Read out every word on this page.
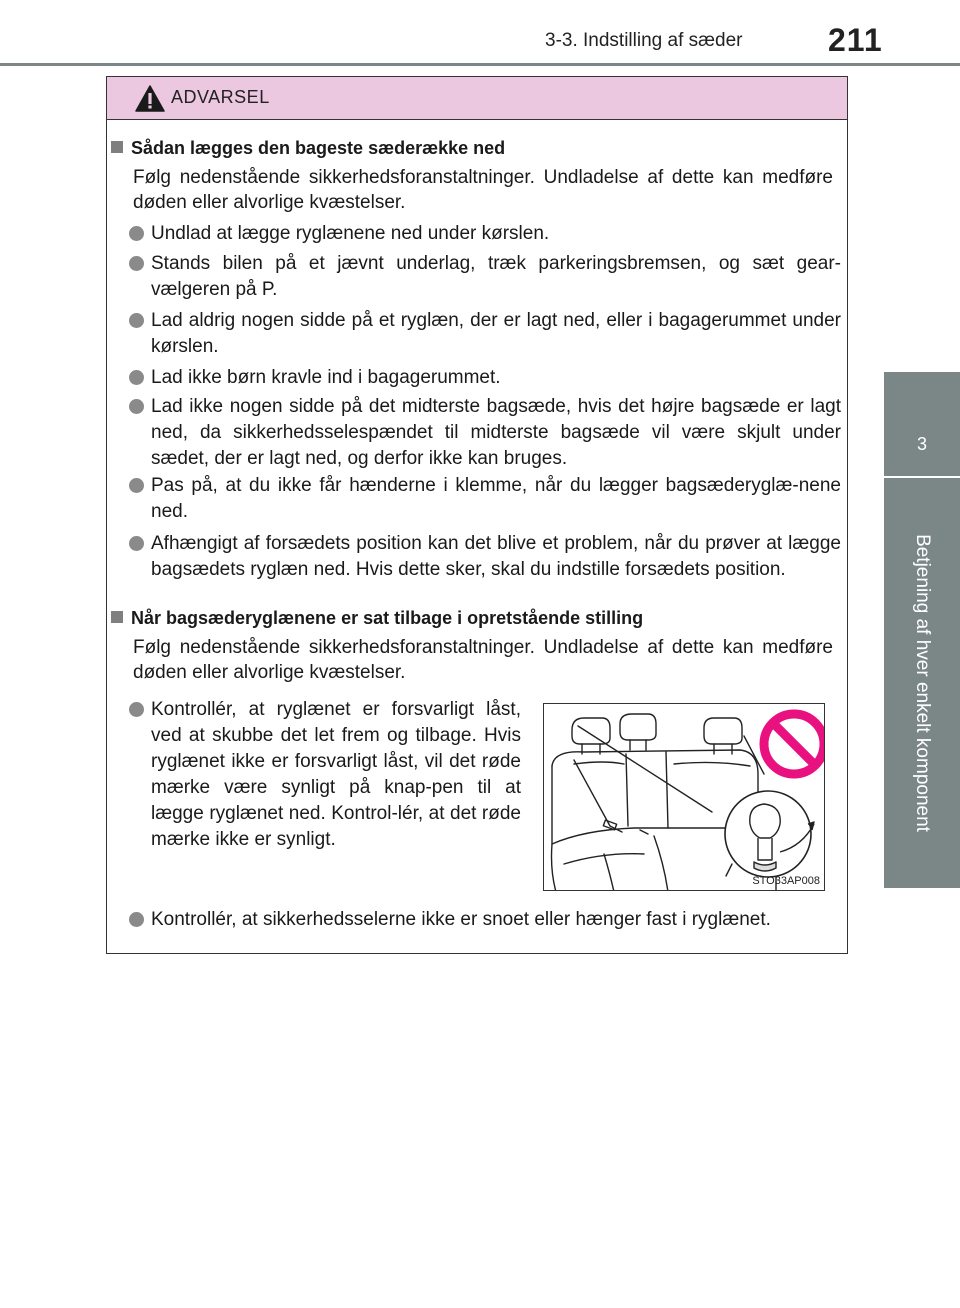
3-3. Indstilling af sæder	211
3
Betjening af hver enkelt komponent
ADVARSEL
Sådan lægges den bageste sæderække ned
Følg nedenstående sikkerhedsforanstaltninger. Undladelse af dette kan medføre døden eller alvorlige kvæstelser.
Undlad at lægge ryglænene ned under kørslen.
Stands bilen på et jævnt underlag, træk parkeringsbremsen, og sæt gear-vælgeren på P.
Lad aldrig nogen sidde på et ryglæn, der er lagt ned, eller i bagagerummet under kørslen.
Lad ikke børn kravle ind i bagagerummet.
Lad ikke nogen sidde på det midterste bagsæde, hvis det højre bagsæde er lagt ned, da sikkerhedsselespændet til midterste bagsæde vil være skjult under sædet, der er lagt ned, og derfor ikke kan bruges.
Pas på, at du ikke får hænderne i klemme, når du lægger bagsæderyglæ-nene ned.
Afhængigt af forsædets position kan det blive et problem, når du prøver at lægge bagsædets ryglæn ned. Hvis dette sker, skal du indstille forsædets position.
Når bagsæderyglænene er sat tilbage i opretstående stilling
Følg nedenstående sikkerhedsforanstaltninger. Undladelse af dette kan medføre døden eller alvorlige kvæstelser.
Kontrollér, at ryglænet er forsvarligt låst, ved at skubbe det let frem og tilbage. Hvis ryglænet ikke er forsvarligt låst, vil det røde mærke være synligt på knap-pen til at lægge ryglænet ned. Kontrol-lér, at det røde mærke ikke er synligt.
STO33AP008
Kontrollér, at sikkerhedsselerne ikke er snoet eller hænger fast i ryglænet.
